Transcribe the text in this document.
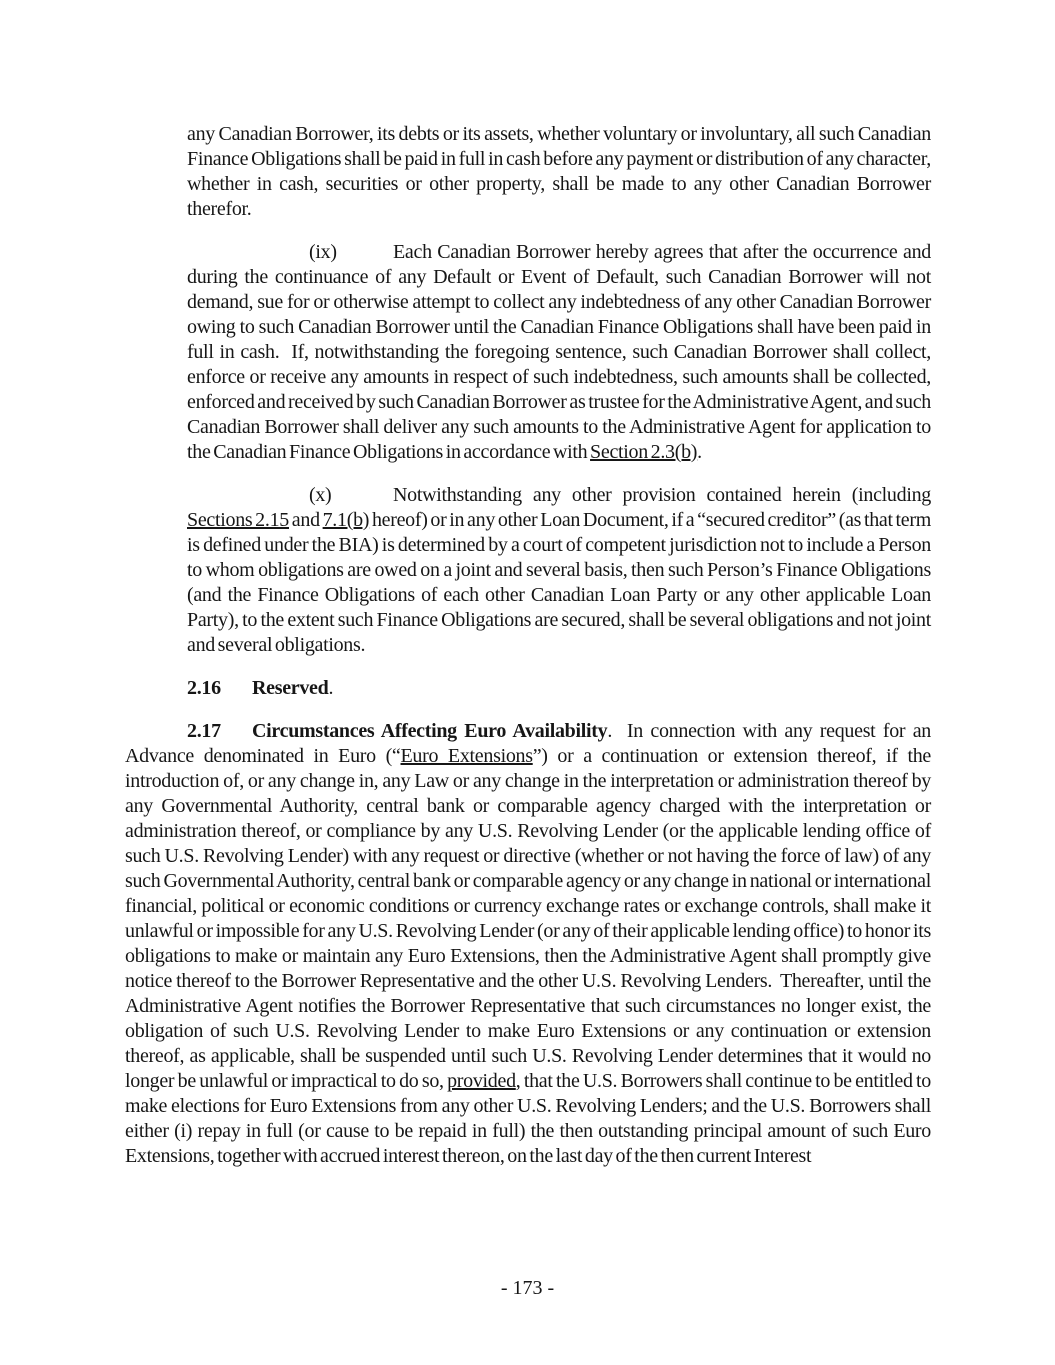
any Canadian Borrower, its debts or its assets, whether voluntary or involuntary, all such Canadian Finance Obligations shall be paid in full in cash before any payment or distribution of any character, whether in cash, securities or other property, shall be made to any other Canadian Borrower therefor.

(ix)	Each Canadian Borrower hereby agrees that after the occurrence and during the continuance of any Default or Event of Default, such Canadian Borrower will not demand, sue for or otherwise attempt to collect any indebtedness of any other Canadian Borrower owing to such Canadian Borrower until the Canadian Finance Obligations shall have been paid in full in cash.  If, notwithstanding the foregoing sentence, such Canadian Borrower shall collect, enforce or receive any amounts in respect of such indebtedness, such amounts shall be collected, enforced and received by such Canadian Borrower as trustee for the Administrative Agent, and such Canadian Borrower shall deliver any such amounts to the Administrative Agent for application to the Canadian Finance Obligations in accordance with Section 2.3(b).

(x)	Notwithstanding any other provision contained herein (including Sections 2.15 and 7.1(b) hereof) or in any other Loan Document, if a “secured creditor” (as that term is defined under the BIA) is determined by a court of competent jurisdiction not to include a Person to whom obligations are owed on a joint and several basis, then such Person’s Finance Obligations (and the Finance Obligations of each other Canadian Loan Party or any other applicable Loan Party), to the extent such Finance Obligations are secured, shall be several obligations and not joint and several obligations.

2.16 Reserved.

2.17 Circumstances Affecting Euro Availability.  In connection with any request for an Advance denominated in Euro (“Euro Extensions”) or a continuation or extension thereof, if the introduction of, or any change in, any Law or any change in the interpretation or administration thereof by any Governmental Authority, central bank or comparable agency charged with the interpretation or administration thereof, or compliance by any U.S. Revolving Lender (or the applicable lending office of such U.S. Revolving Lender) with any request or directive (whether or not having the force of law) of any such Governmental Authority, central bank or comparable agency or any change in national or international financial, political or economic conditions or currency exchange rates or exchange controls, shall make it unlawful or impossible for any U.S. Revolving Lender (or any of their applicable lending office) to honor its obligations to make or maintain any Euro Extensions, then the Administrative Agent shall promptly give notice thereof to the Borrower Representative and the other U.S. Revolving Lenders.  Thereafter, until the Administrative Agent notifies the Borrower Representative that such circumstances no longer exist, the obligation of such U.S. Revolving Lender to make Euro Extensions or any continuation or extension thereof, as applicable, shall be suspended until such U.S. Revolving Lender determines that it would no longer be unlawful or impractical to do so, provided, that the U.S. Borrowers shall continue to be entitled to make elections for Euro Extensions from any other U.S. Revolving Lenders; and the U.S. Borrowers shall either (i) repay in full (or cause to be repaid in full) the then outstanding principal amount of such Euro Extensions, together with accrued interest thereon, on the last day of the then current Interest

- 173 -
